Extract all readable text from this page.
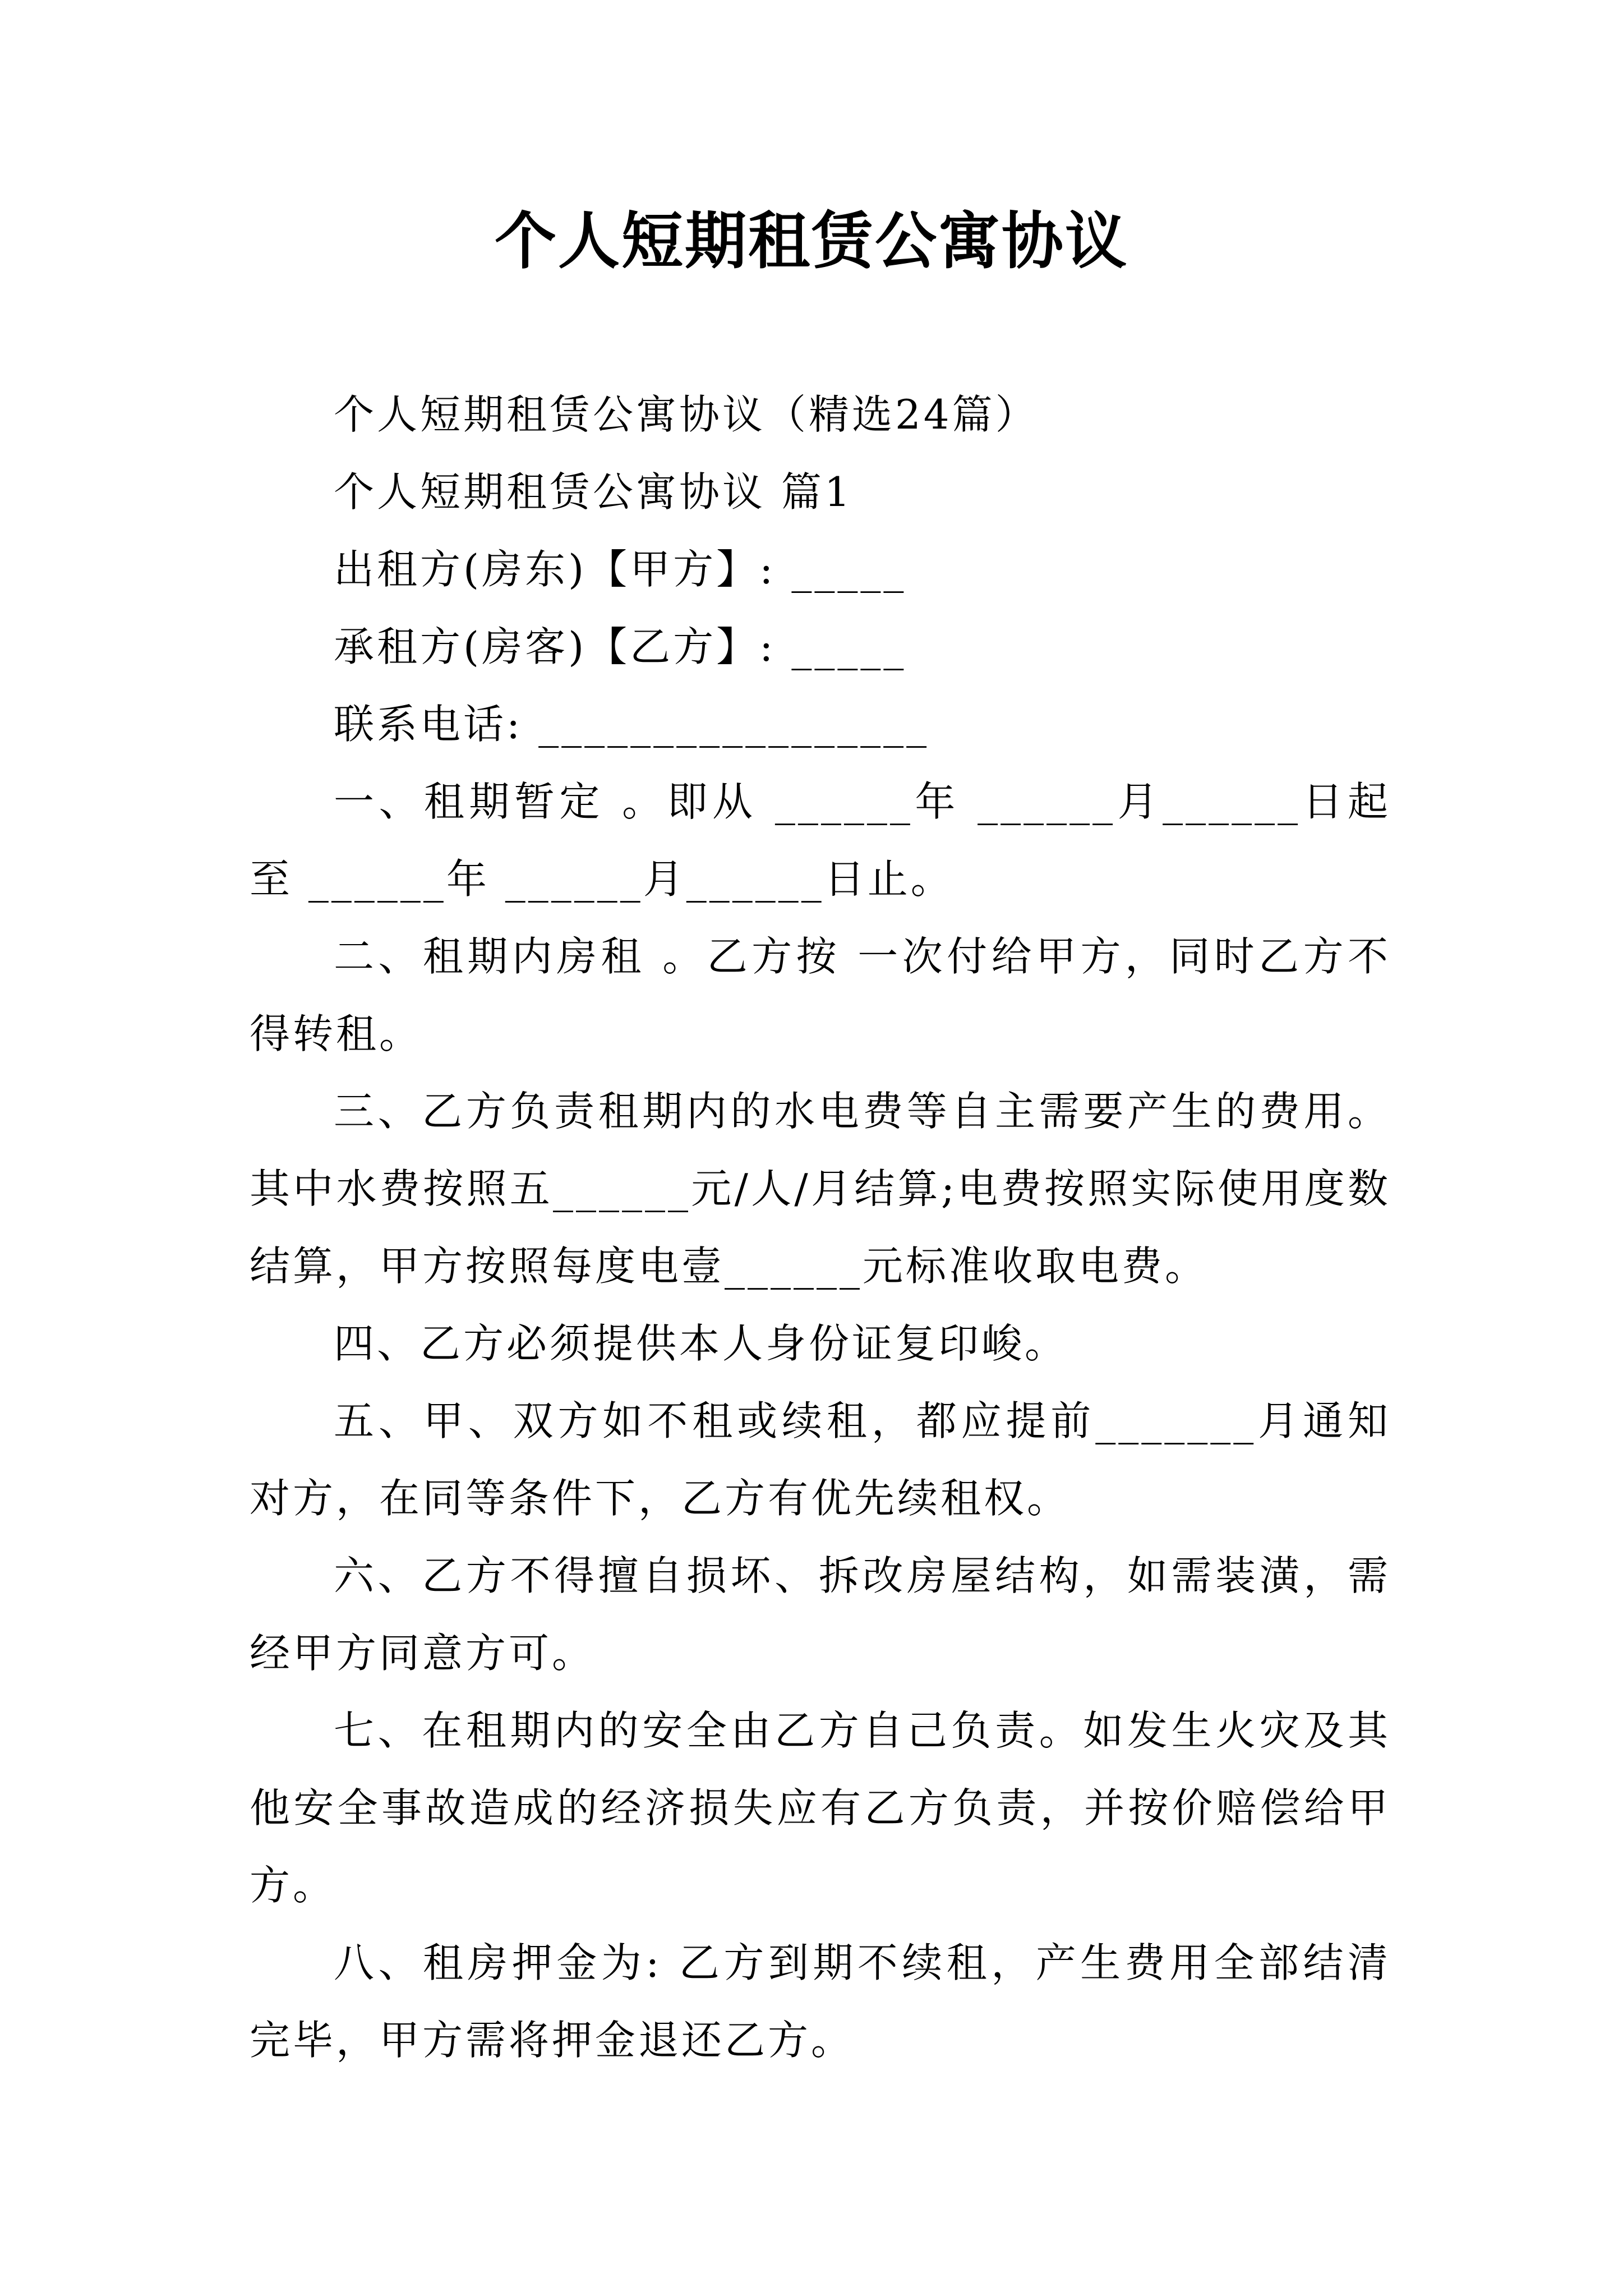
个人短期租赁公寓协议

个人短期租赁公寓协议（精选24篇）

个人短期租赁公寓协议 篇1

出租方(房东)【甲方】: _____

承租方(房客)【乙方】: _____

联系电话: _________________

一、租期暂定 。即从 ______年 ______月______日起至 ______年 ______月______日止。

二、租期内房租 。乙方按 一次付给甲方，同时乙方不得转租。

三、乙方负责租期内的水电费等自主需要产生的费用。其中水费按照五______元/人/月结算;电费按照实际使用度数结算，甲方按照每度电壹______元标准收取电费。

四、乙方必须提供本人身份证复印峻。

五、甲、双方如不租或续租，都应提前_______月通知对方，在同等条件下，乙方有优先续租权。

六、乙方不得擅自损坏、拆改房屋结构，如需装潢，需经甲方同意方可。

七、在租期内的安全由乙方自己负责。如发生火灾及其他安全事故造成的经济损失应有乙方负责，并按价赔偿给甲方。

八、租房押金为: 乙方到期不续租，产生费用全部结清完毕，甲方需将押金退还乙方。
